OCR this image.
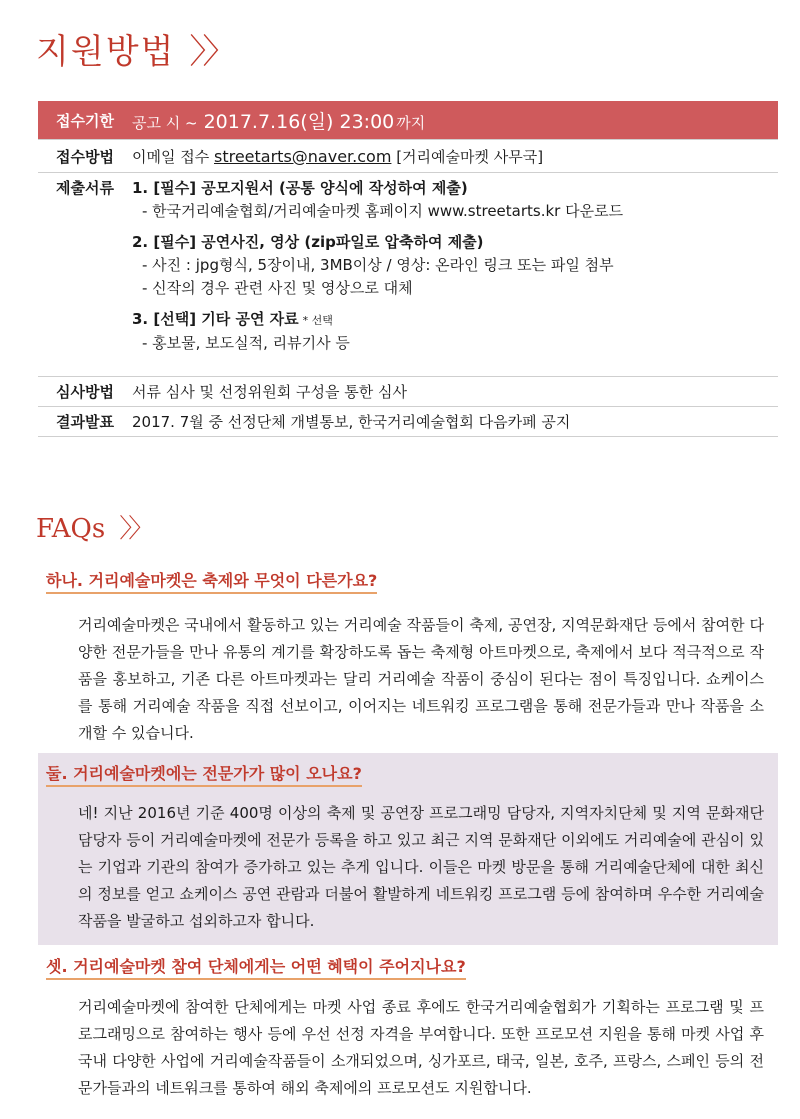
지원방법 〉〉
접수기한	공고 시 ~ 2017.7.16(일) 23:00 까지
접수방법	이메일 접수 streetarts@naver.com [거리예술마켓 사무국]
제출서류	1. [필수] 공모지원서 (공통 양식에 작성하여 제출)
- 한국거리예술협회/거리예술마켓 홈페이지 www.streetarts.kr 다운로드
2. [필수] 공연사진, 영상 (zip파일로 압축하여 제출)
- 사진 : jpg형식, 5장이내, 3MB이상 / 영상: 온라인 링크 또는 파일 첨부
- 신작의 경우 관련 사진 및 영상으로 대체
3. [선택] 기타 공연 자료 * 선택
- 홍보물, 보도실적, 리뷰기사 등
심사방법	서류 심사 및 선정위원회 구성을 통한 심사
결과발표	2017. 7월 중 선정단체 개별통보, 한국거리예술협회 다음카페 공지
FAQs 〉〉
하나. 거리예술마켓은 축제와 무엇이 다른가요?
거리예술마켓은 국내에서 활동하고 있는 거리예술 작품들이 축제, 공연장, 지역문화재단 등에서 참여한 다양한 전문가들을 만나 유통의 계기를 확장하도록 돕는 축제형 아트마켓으로, 축제에서 보다 적극적으로 작품을 홍보하고, 기존 다른 아트마켓과는 달리 거리예술 작품이 중심이 된다는 점이 특징입니다. 쇼케이스를 통해 거리예술 작품을 직접 선보이고, 이어지는 네트워킹 프로그램을 통해 전문가들과 만나 작품을 소개할 수 있습니다.
둘. 거리예술마켓에는 전문가가 많이 오나요?
네! 지난 2016년 기준 400명 이상의 축제 및 공연장 프로그래밍 담당자, 지역자치단체 및 지역 문화재단 담당자 등이 거리예술마켓에 전문가 등록을 하고 있고 최근 지역 문화재단 이외에도 거리예술에 관심이 있는 기업과 기관의 참여가 증가하고 있는 추게 입니다. 이들은 마켓 방문을 통해 거리예술단체에 대한 최신의 정보를 얻고 쇼케이스 공연 관람과 더불어 활발하게 네트워킹 프로그램 등에 참여하며 우수한 거리예술 작품을 발굴하고 섭외하고자 합니다.
셋. 거리예술마켓 참여 단체에게는 어떤 혜택이 주어지나요?
거리예술마켓에 참여한 단체에게는 마켓 사업 종료 후에도 한국거리예술협회가 기획하는 프로그램 및 프로그래밍으로 참여하는 행사 등에 우선 선정 자격을 부여합니다. 또한 프로모션 지원을 통해 마켓 사업 후 국내 다양한 사업에 거리예술작품들이 소개되었으며, 싱가포르, 태국, 일본, 호주, 프랑스, 스페인 등의 전문가들과의 네트워크를 통하여 해외 축제에의 프로모션도 지원합니다.
